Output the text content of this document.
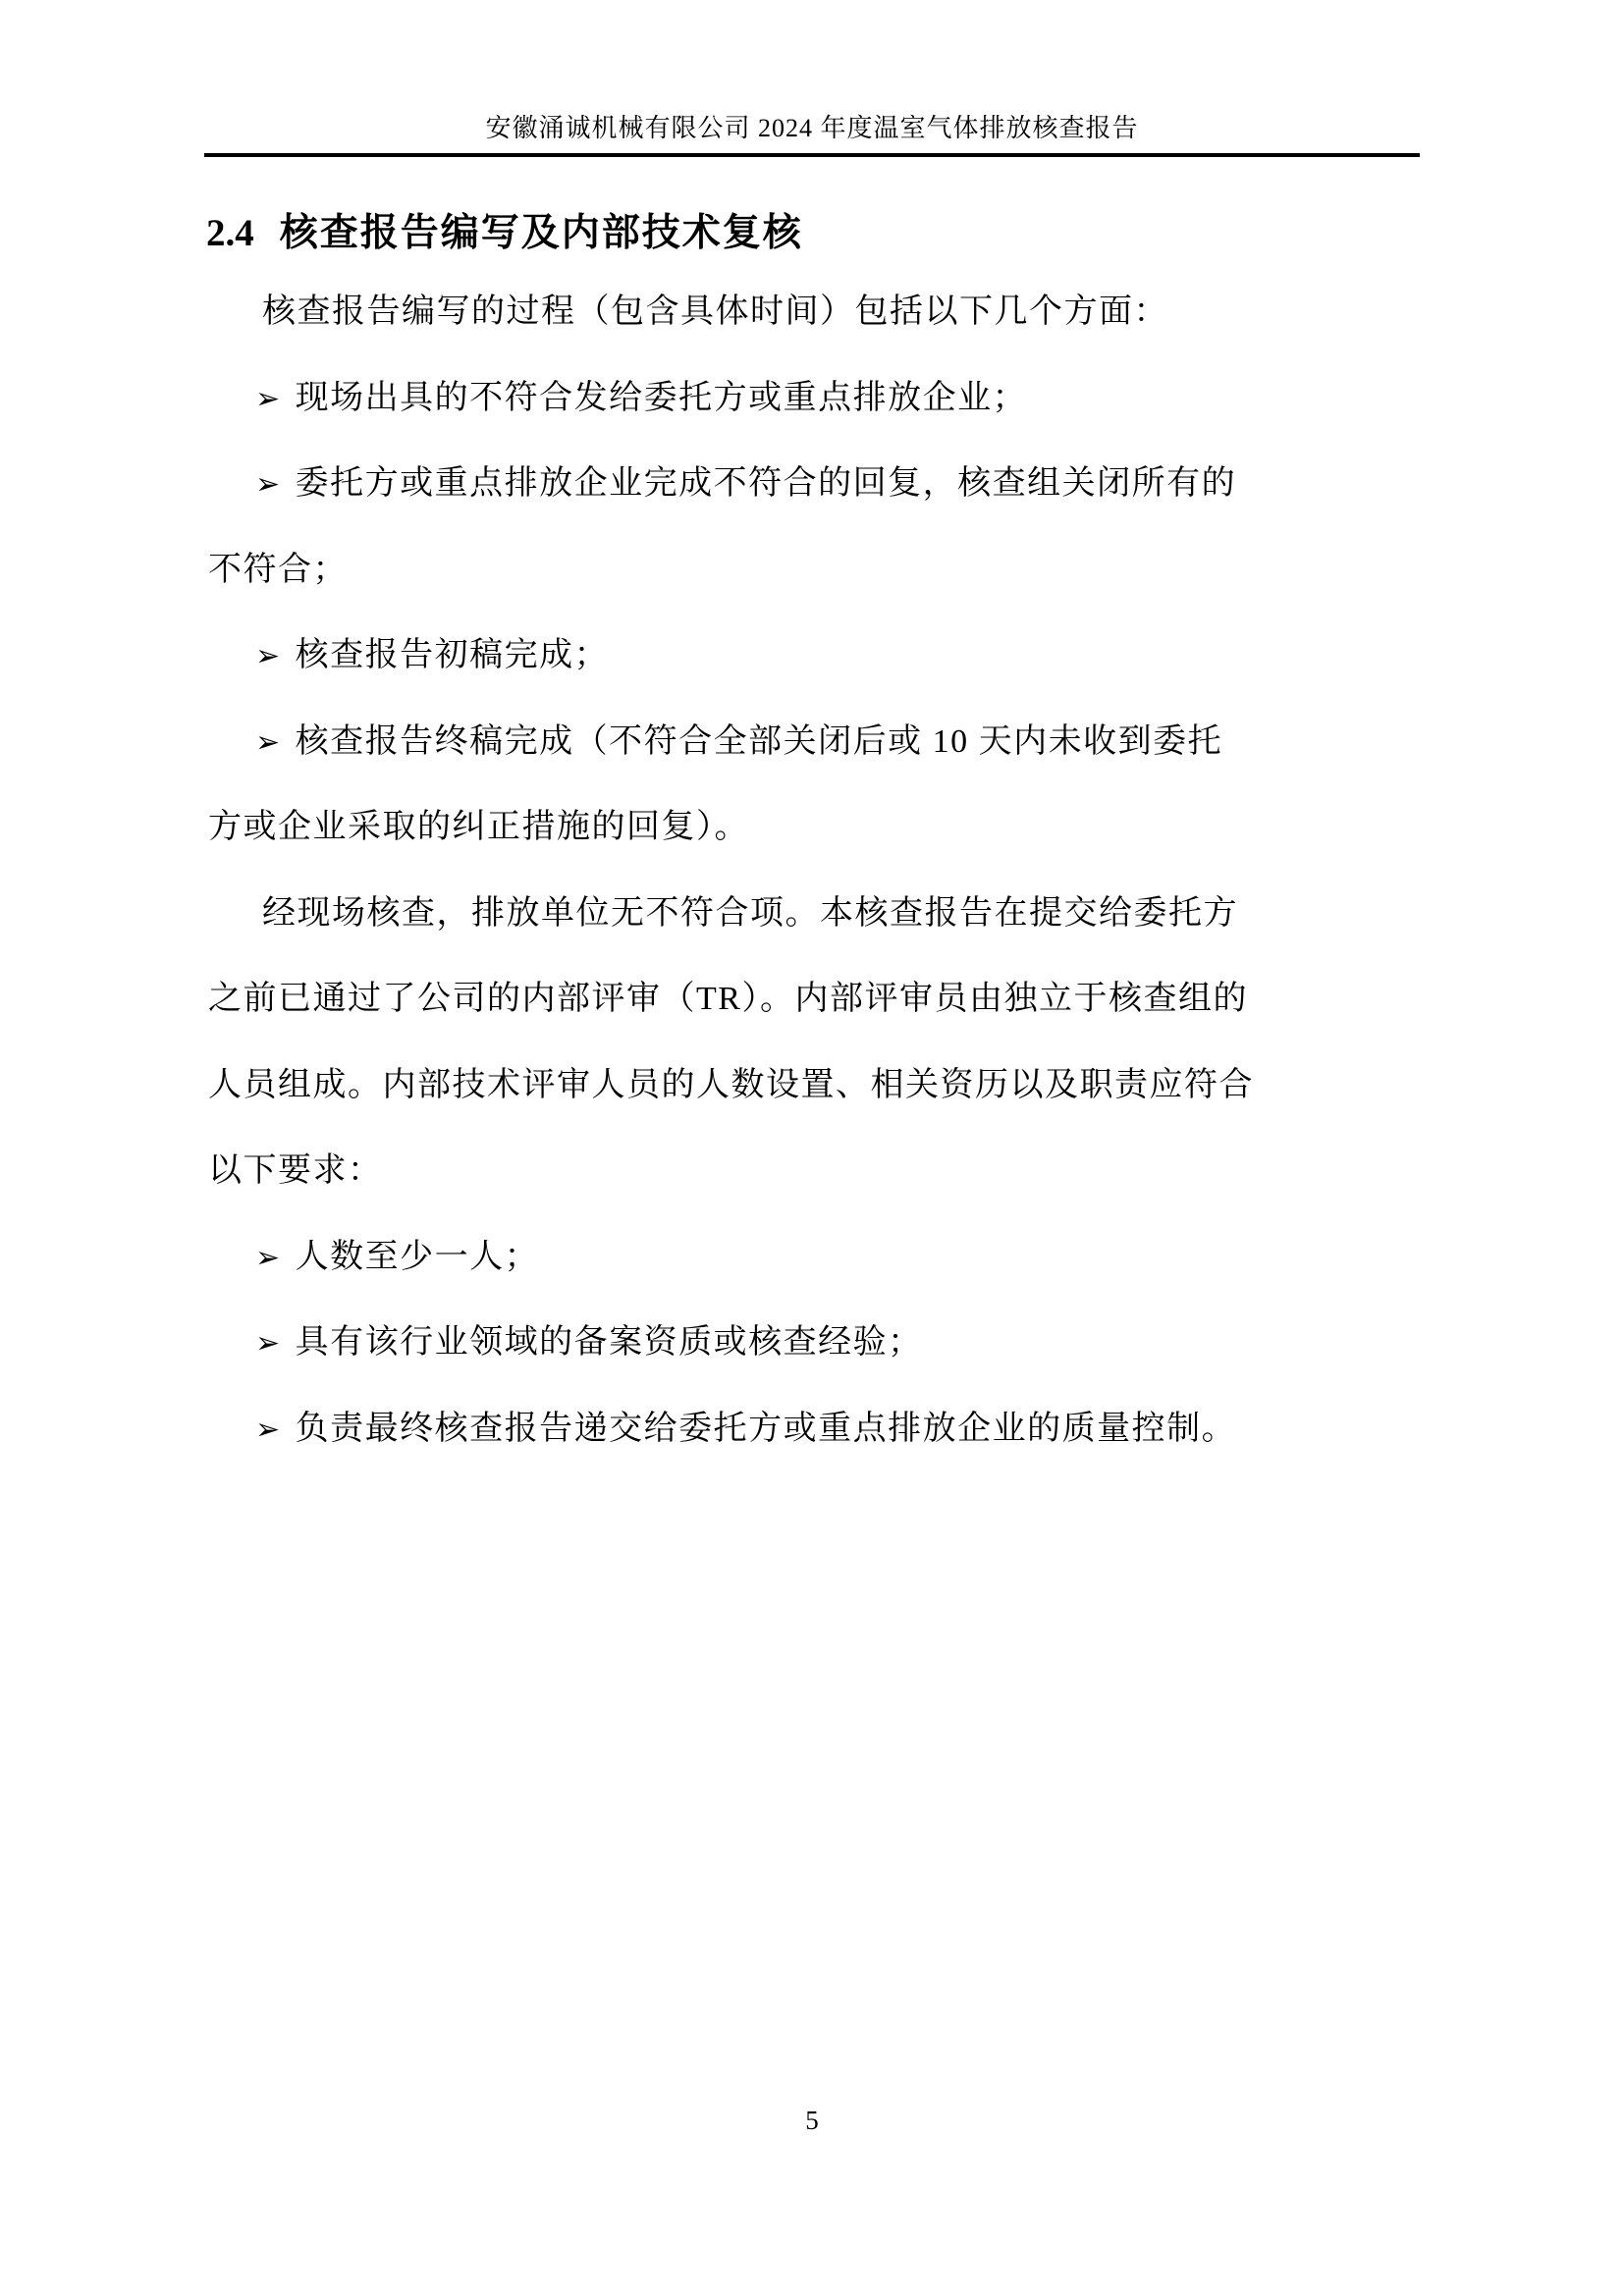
安徽涌诚机械有限公司 2024 年度温室气体排放核查报告
2.4 核查报告编写及内部技术复核
核查报告编写的过程（包含具体时间）包括以下几个方面：
➢ 现场出具的不符合发给委托方或重点排放企业；
➢ 委托方或重点排放企业完成不符合的回复，核查组关闭所有的
不符合；
➢ 核查报告初稿完成；
➢ 核查报告终稿完成（不符合全部关闭后或 10 天内未收到委托
方或企业采取的纠正措施的回复）。
经现场核查，排放单位无不符合项。本核查报告在提交给委托方
之前已通过了公司的内部评审（TR）。内部评审员由独立于核查组的
人员组成。内部技术评审人员的人数设置、相关资历以及职责应符合
以下要求：
➢ 人数至少一人；
➢ 具有该行业领域的备案资质或核查经验；
➢ 负责最终核查报告递交给委托方或重点排放企业的质量控制。
5
